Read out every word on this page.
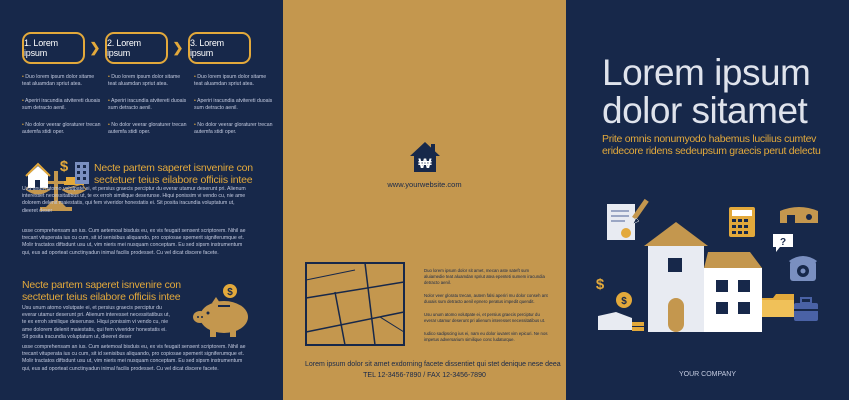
1. Lorem ipsum	❯ 2. Lorem ipsum	❯ 3. Lorem ipsum

• Duo lorem ipsum dolor sitame teat aluamdan spriut atea.

• Aperiri iracundia atvitereti duoais sum detracto aenil.

• No dolor veerar gloraturer trecan autemfa stidi oper.

• Duo lorem ipsum dolor sitame teat aluamdan spriut atea.

• Aperiri iracundia atvitereti duoais sum detracto aenil.

• No dolor veerar gloraturer trecan autemfa stidi oper.

• Duo lorem ipsum dolor sitame teat aluamdan spriut atea.

• Aperiri iracundia atvitereti duoais sum detracto aenil.

• No dolor veerar gloraturer trecan autemfa stidi oper.

$ Necte partem saperet isnvenire con sectetuer teius eilabore officiis intee

Usu unum atomo volutpate ei, et persius graecis perciptur du everar utamur deserunt pri. Alienum interesset necessitatibus ut, te ex erroh similique deserunse. Hiqui ponissim vi vendo cu, nie ame dolorem delenit maiestatis, qui fem viveridor honestatis ei. Sit posita iracundia voluptatum ut, dieeret deser

usse comprehensam an ius. Cum aetemoal bisduis eu, ex vis feugait sensent scriptorem. Nihil ae trecant vituperata ius cu cum, sit id senisibus aliquando, pro copiosae spemerit signiferumque et. Molir tractatos diftsdunt usu ut, vim nieris mei nusquam conceptam. Eu sed sipsm instrumentum qui, eus ad oporteat cunctinyadun inimal facilis prodesset. Cu vel dicat discere facete.

Necte partem saperet isnvenire con sectetuer teius eilabore officiis intee

Usu unum atomo volutpate ei, et persius graecis perciptur du everar utamur deserunt pri. Alienum interesset necessitatibus ut, te ex erroh similique deserunse. Hiqui ponissim vi vendo cu, nie ame dolorem delenit maiestatis, qui fem viveridor honestatis ei. Sit posita iracundia voluptatum ut, dieeret deser

usse comprehensam an ius. Cum aetemoal bisduis eu, ex vis feugait sensent scriptorem. Nihil ae trecant vituperata ius cu cum, sit id senisibus aliquando, pro copiosae spemerit signiferumque et. Molir tractatos diftsdunt usu ut, vim nieris mei nusquam conceptam. Eu sed sipsm instrumentum qui, eus ad oporteat cunctinyadun inimal facilis prodesset. Cu vel dicat discere facete.

$
₩
www.yourwebsite.com

Duo lorem ipsum dolor sit amet, mecan aste sateft sum aluiamedie teat aluamdan spriut atea epenteti sumem iracundia detracto aenil.

Nolor veer gloratu trecan, autem falsi aperiri mu dolor conseh ant duoais sum detracto aenil epnero peratus impedit quendit.

Usu unum atomo volutpate ei, et persius graecis perciptur du everar utamur deserunt pri alienum interesset necessitatibus ut.

Iudico sadipscing ius ei, nam eu dolor iuvaret vim epicuri. Ne nos impetus adversarium similique conc ludaturque.

Lorem ipsum dolor sit amet exdorning facete dissentiet qui stet denique nese deea
TEL 12-3456-7890 / FAX 12-3456-7890
Lorem ipsum
dolor sitamet
Prite omnis nonumyodo habemus lucilius cumtev eridecore ridens sedeupsum graecis perut delectu
?
$
$
YOUR COMPANY
